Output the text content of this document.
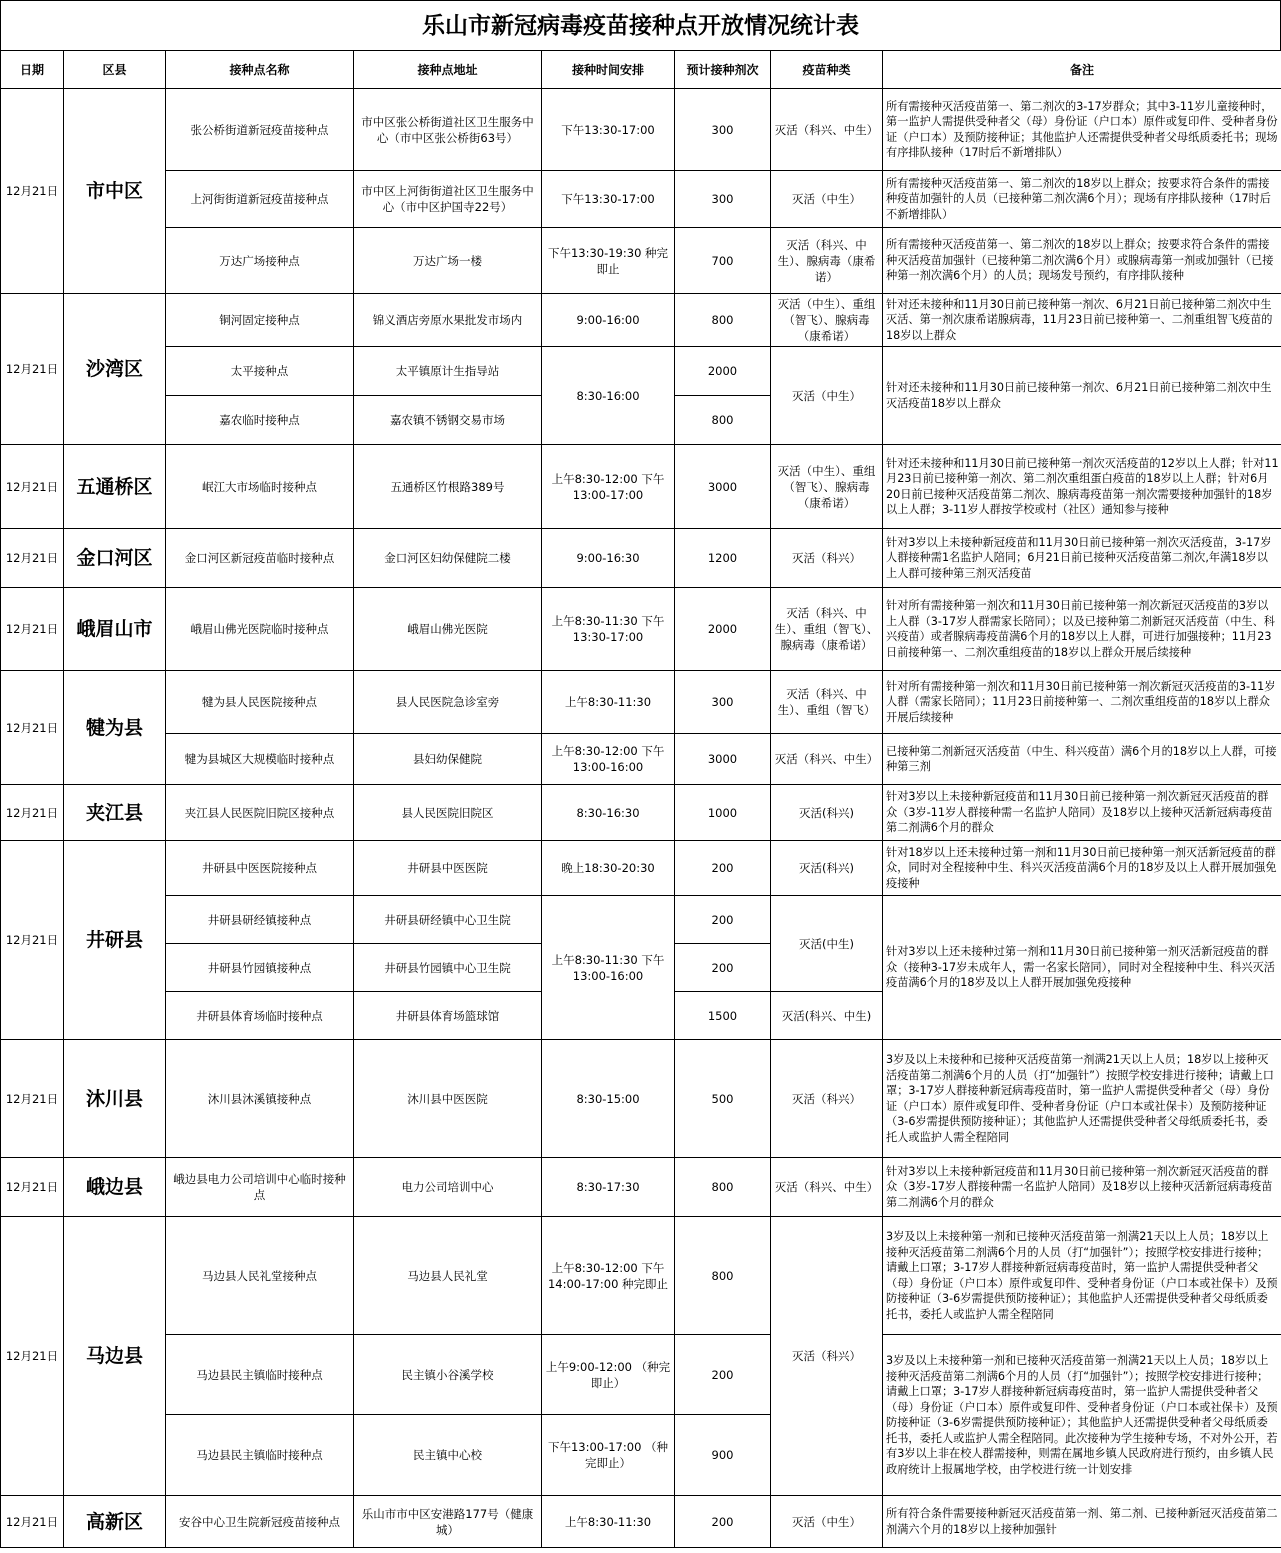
乐山市新冠病毒疫苗接种点开放情况统计表
日期	区县	接种点名称	接种点地址	接种时间安排	预计接种剂次	疫苗种类	备注
12月21日	市中区	张公桥街道新冠疫苗接种点	市中区张公桥街道社区卫生服务中心（市中区张公桥街63号）	下午13:30-17:00	300	灭活（科兴、中生）	所有需接种灭活疫苗第一、第二剂次的3-17岁群众；其中3-11岁儿童接种时，第一监护人需提供受种者父（母）身份证（户口本）原件或复印件、受种者身份证（户口本）及预防接种证；其他监护人还需提供受种者父母纸质委托书；现场有序排队接种（17时后不新增排队）
		上河街街道新冠疫苗接种点	市中区上河街街道社区卫生服务中心（市中区护国寺22号）	下午13:30-17:00	300	灭活（中生）	所有需接种灭活疫苗第一、第二剂次的18岁以上群众；按要求符合条件的需接种疫苗加强针的人员（已接种第二剂次满6个月）；现场有序排队接种（17时后不新增排队）
		万达广场接种点	万达广场一楼	下午13:30-19:30 种完即止	700	灭活（科兴、中生）、腺病毒（康希诺）	所有需接种灭活疫苗第一、第二剂次的18岁以上群众；按要求符合条件的需接种灭活疫苗加强针（已接种第二剂次满6个月）或腺病毒第一剂或加强针（已接种第一剂次满6个月）的人员；现场发号预约，有序排队接种
12月21日	沙湾区	铜河固定接种点	锦义酒店旁原水果批发市场内	9:00-16:00	800	灭活（中生）、重组（智飞）、腺病毒（康希诺）	针对还未接种和11月30日前已接种第一剂次、6月21日前已接种第二剂次中生灭活、第一剂次康希诺腺病毒，11月23日前已接种第一、二剂重组智飞疫苗的18岁以上群众
		太平接种点	太平镇原计生指导站	8:30-16:00	2000	灭活（中生）	针对还未接种和11月30日前已接种第一剂次、6月21日前已接种第二剂次中生灭活疫苗18岁以上群众
		嘉农临时接种点	嘉农镇不锈钢交易市场		800		
12月21日	五通桥区	岷江大市场临时接种点	五通桥区竹根路389号	上午8:30-12:00 下午13:00-17:00	3000	灭活（中生）、重组（智飞）、腺病毒（康希诺）	针对还未接种和11月30日前已接种第一剂次灭活疫苗的12岁以上人群；针对11月23日前已接种第一剂次、第二剂次重组蛋白疫苗的18岁以上人群；针对6月20日前已接种灭活疫苗第二剂次、腺病毒疫苗第一剂次需要接种加强针的18岁以上人群；3-11岁人群按学校或村（社区）通知参与接种
12月21日	金口河区	金口河区新冠疫苗临时接种点	金口河区妇幼保健院二楼	9:00-16:30	1200	灭活（科兴）	针对3岁以上未接种新冠疫苗和11月30日前已接种第一剂次灭活疫苗，3-17岁人群接种需1名监护人陪同；6月21日前已接种灭活疫苗第二剂次,年满18岁以上人群可接种第三剂灭活疫苗
12月21日	峨眉山市	峨眉山佛光医院临时接种点	峨眉山佛光医院	上午8:30-11:30 下午13:30-17:00	2000	灭活（科兴、中生）、重组（智飞）、腺病毒（康希诺）	针对所有需接种第一剂次和11月30日前已接种第一剂次新冠灭活疫苗的3岁以上人群（3-17岁人群需家长陪同）；以及已接种第二剂新冠灭活疫苗（中生、科兴疫苗）或者腺病毒疫苗满6个月的18岁以上人群，可进行加强接种；11月23日前接种第一、二剂次重组疫苗的18岁以上群众开展后续接种
12月21日	犍为县	犍为县人民医院接种点	县人民医院急诊室旁	上午8:30-11:30	300	灭活（科兴、中生）、重组（智飞）	针对所有需接种第一剂次和11月30日前已接种第一剂次新冠灭活疫苗的3-11岁人群（需家长陪同）；11月23日前接种第一、二剂次重组疫苗的18岁以上群众开展后续接种
		犍为县城区大规模临时接种点	县妇幼保健院	上午8:30-12:00 下午13:00-16:00	3000	灭活（科兴、中生）	已接种第二剂新冠灭活疫苗（中生、科兴疫苗）满6个月的18岁以上人群，可接种第三剂
12月21日	夹江县	夹江县人民医院旧院区接种点	县人民医院旧院区	8:30-16:30	1000	灭活(科兴)	针对3岁以上未接种新冠疫苗和11月30日前已接种第一剂次新冠灭活疫苗的群众（3岁-11岁人群接种需一名监护人陪同）及18岁以上接种灭活新冠病毒疫苗第二剂满6个月的群众
12月21日	井研县	井研县中医医院接种点	井研县中医医院	晚上18:30-20:30	200	灭活(科兴)	针对18岁以上还未接种过第一剂和11月30日前已接种第一剂灭活新冠疫苗的群众，同时对全程接种中生、科兴灭活疫苗满6个月的18岁及以上人群开展加强免疫接种
		井研县研经镇接种点	井研县研经镇中心卫生院	上午8:30-11:30 下午13:00-16:00	200	灭活(中生)	针对3岁以上还未接种过第一剂和11月30日前已接种第一剂灭活新冠疫苗的群众（接种3-17岁未成年人，需一名家长陪同），同时对全程接种中生、科兴灭活疫苗满6个月的18岁及以上人群开展加强免疫接种
		井研县竹园镇接种点	井研县竹园镇中心卫生院		200		
		井研县体育场临时接种点	井研县体育场篮球馆		1500	灭活(科兴、中生)	
12月21日	沐川县	沐川县沐溪镇接种点	沐川县中医医院	8:30-15:00	500	灭活（科兴）	3岁及以上未接种和已接种灭活疫苗第一剂满21天以上人员；18岁以上接种灭活疫苗第二剂满6个月的人员（打“加强针”）按照学校安排进行接种；请戴上口罩；3-17岁人群接种新冠病毒疫苗时，第一监护人需提供受种者父（母）身份证（户口本）原件或复印件、受种者身份证（户口本或社保卡）及预防接种证（3-6岁需提供预防接种证）；其他监护人还需提供受种者父母纸质委托书，委托人或监护人需全程陪同
12月21日	峨边县	峨边县电力公司培训中心临时接种点	电力公司培训中心	8:30-17:30	800	灭活（科兴、中生）	针对3岁以上未接种新冠疫苗和11月30日前已接种第一剂次新冠灭活疫苗的群众（3岁-17岁人群接种需一名监护人陪同）及18岁以上接种灭活新冠病毒疫苗第二剂满6个月的群众
12月21日	马边县	马边县人民礼堂接种点	马边县人民礼堂	上午8:30-12:00 下午14:00-17:00 种完即止	800	灭活（科兴）	3岁及以上未接种第一剂和已接种灭活疫苗第一剂满21天以上人员；18岁以上接种灭活疫苗第二剂满6个月的人员（打“加强针”）；按照学校安排进行接种；请戴上口罩；3-17岁人群接种新冠病毒疫苗时，第一监护人需提供受种者父（母）身份证（户口本）原件或复印件、受种者身份证（户口本或社保卡）及预防接种证（3-6岁需提供预防接种证）；其他监护人还需提供受种者父母纸质委托书，委托人或监护人需全程陪同
		马边县民主镇临时接种点	民主镇小谷溪学校	上午9:00-12:00 （种完即止）	200		3岁及以上未接种第一剂和已接种灭活疫苗第一剂满21天以上人员；18岁以上接种灭活疫苗第二剂满6个月的人员（打“加强针”）；按照学校安排进行接种；请戴上口罩；3-17岁人群接种新冠病毒疫苗时，第一监护人需提供受种者父（母）身份证（户口本）原件或复印件、受种者身份证（户口本或社保卡）及预防接种证（3-6岁需提供预防接种证）；其他监护人还需提供受种者父母纸质委托书，委托人或监护人需全程陪同。此次接种为学生接种专场，不对外公开，若有3岁以上非在校人群需接种，则需在属地乡镇人民政府进行预约，由乡镇人民政府统计上报属地学校，由学校进行统一计划安排
		马边县民主镇临时接种点	民主镇中心校	下午13:00-17:00 （种完即止）	900		
12月21日	高新区	安谷中心卫生院新冠疫苗接种点	乐山市市中区安港路177号（健康城）	上午8:30-11:30	200	灭活（中生）	所有符合条件需要接种新冠灭活疫苗第一剂、第二剂、已接种新冠灭活疫苗第二剂满六个月的18岁以上接种加强针
